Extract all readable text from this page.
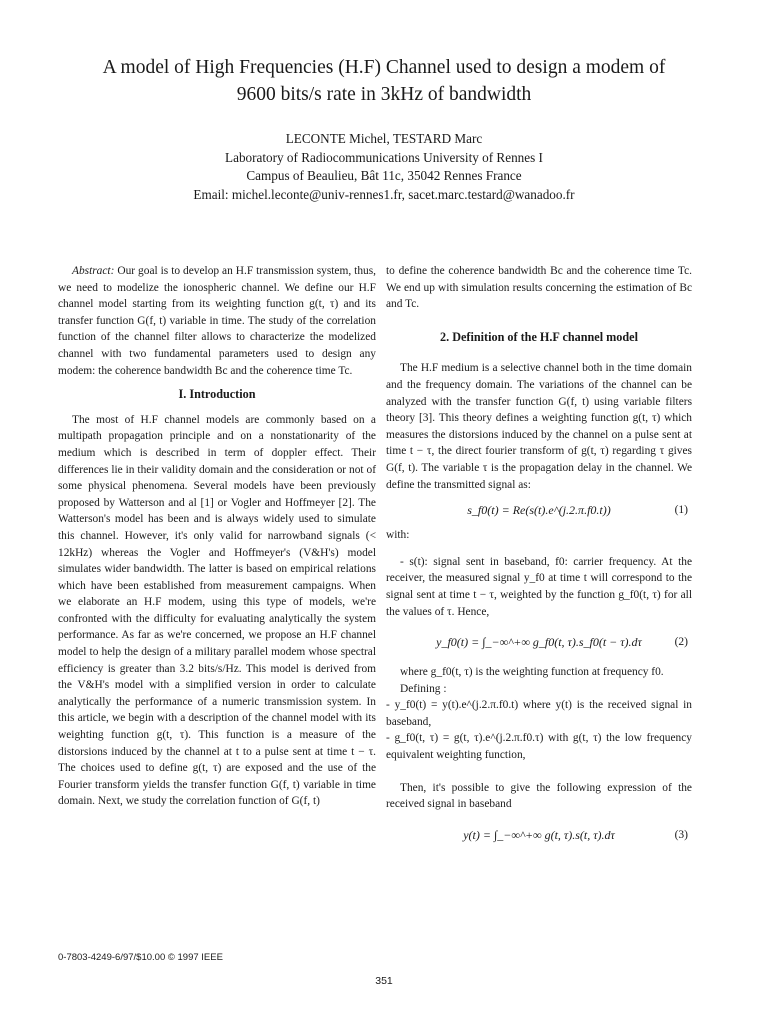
A model of High Frequencies (H.F) Channel used to design a modem of
9600 bits/s rate in 3kHz of bandwidth
LECONTE Michel, TESTARD Marc
Laboratory of Radiocommunications University of Rennes I
Campus of Beaulieu, Bât 11c, 35042 Rennes France
Email: michel.leconte@univ-rennes1.fr, sacet.marc.testard@wanadoo.fr

Abstract: Our goal is to develop an H.F transmission system, thus, we need to modelize the ionospheric channel. We define our H.F channel model starting from its weighting function g(t, τ) and its transfer function G(f, t) variable in time. The study of the correlation function of the channel filter allows to characterize the modelized channel with two fundamental parameters used to design any modem: the coherence bandwidth Bc and the coherence time Tc.

I. Introduction

The most of H.F channel models are commonly based on a multipath propagation principle and on a nonstationarity of the medium which is described in term of doppler effect. Their differences lie in their validity domain and the consideration or not of some physical phenomena. Several models have been previously proposed by Watterson and al [1] or Vogler and Hoffmeyer [2]. The Watterson's model has been and is always widely used to simulate this channel. However, it's only valid for narrowband signals (< 12kHz) whereas the Vogler and Hoffmeyer's (V&H's) model simulates wider bandwidth. The latter is based on empirical relations which have been established from measurement campaigns. When we elaborate an H.F modem, using this type of models, we're confronted with the difficulty for evaluating analytically the system performance. As far as we're concerned, we propose an H.F channel model to help the design of a military parallel modem whose spectral efficiency is greater than 3.2 bits/s/Hz. This model is derived from the V&H's model with a simplified version in order to calculate analytically the performance of a numeric transmission system. In this article, we begin with a description of the channel model with its weighting function g(t, τ). This function is a measure of the distorsions induced by the channel at t to a pulse sent at time t − τ. The choices used to define g(t, τ) are exposed and the use of the Fourier transform yields the transfer function G(f, t) variable in time domain. Next, we study the correlation function of G(f, t)

to define the coherence bandwidth Bc and the coherence time Tc. We end up with simulation results concerning the estimation of Bc and Tc.

2. Definition of the H.F channel model

The H.F medium is a selective channel both in the time domain and the frequency domain. The variations of the channel can be analyzed with the transfer function G(f, t) using variable filters theory [3]. This theory defines a weighting function g(t, τ) which measures the distorsions induced by the channel on a pulse sent at time t − τ, the direct fourier transform of g(t, τ) regarding τ gives G(f, t). The variable τ is the propagation delay in the channel. We define the transmitted signal as:

s_f0(t) = Re(s(t).e^(j.2.π.f0.t))	(1)

with:

- s(t): signal sent in baseband, f0: carrier frequency. At the receiver, the measured signal y_f0 at time t will correspond to the signal sent at time t − τ, weighted by the function g_f0(t, τ) for all the values of τ. Hence,

y_f0(t) = ∫_−∞^+∞ g_f0(t, τ).s_f0(t − τ).dτ	(2)

where g_f0(t, τ) is the weighting function at frequency f0.

Defining :

- y_f0(t) = y(t).e^(j.2.π.f0.t) where y(t) is the received signal in baseband,

- g_f0(t, τ) = g(t, τ).e^(j.2.π.f0.τ) with g(t, τ) the low frequency equivalent weighting function,

Then, it's possible to give the following expression of the received signal in baseband

y(t) = ∫_−∞^+∞ g(t, τ).s(t, τ).dτ	(3)
0-7803-4249-6/97/$10.00 © 1997 IEEE
351
